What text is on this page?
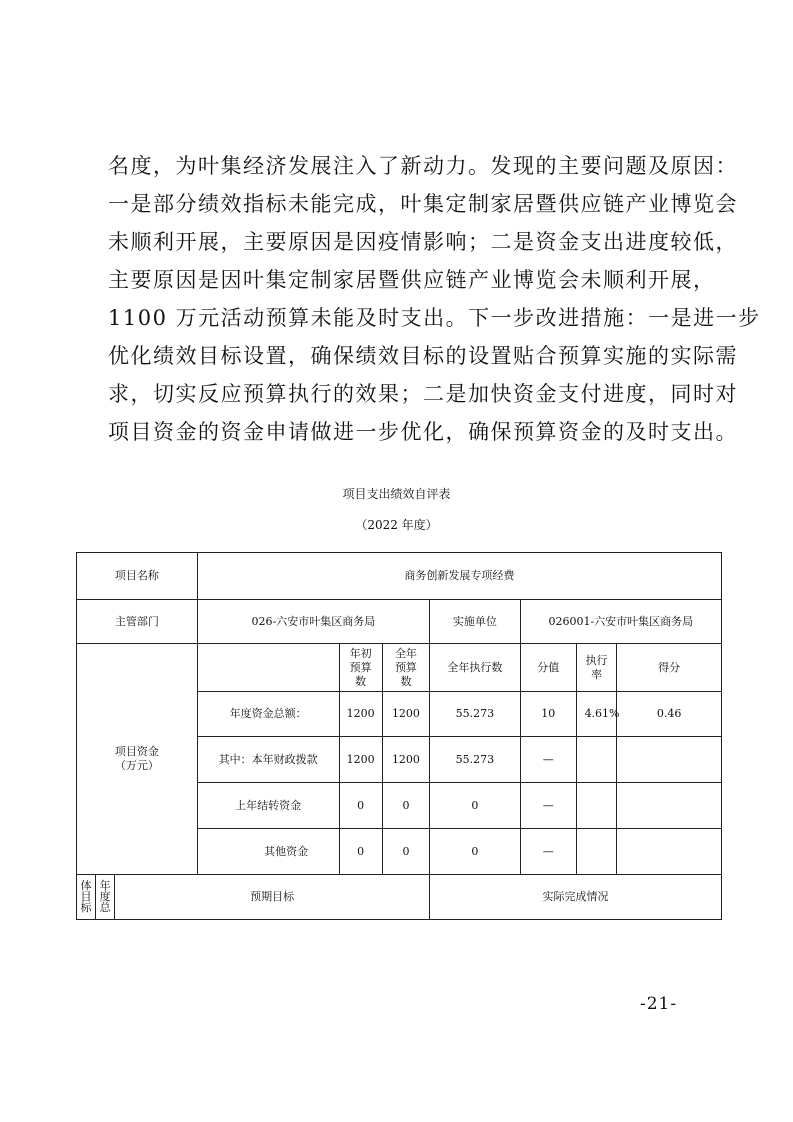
名度，为叶集经济发展注入了新动力。发现的主要问题及原因：
一是部分绩效指标未能完成，叶集定制家居暨供应链产业博览会
未顺利开展，主要原因是因疫情影响；二是资金支出进度较低，
主要原因是因叶集定制家居暨供应链产业博览会未顺利开展，
1100 万元活动预算未能及时支出。下一步改进措施：一是进一步
优化绩效目标设置，确保绩效目标的设置贴合预算实施的实际需
求，切实反应预算执行的效果；二是加快资金支付进度，同时对
项目资金的资金申请做进一步优化，确保预算资金的及时支出。
项目支出绩效自评表
（2022 年度）
项目名称			商务创新发展专项经费						
主管部门			026-六安市叶集区商务局			实施单位	026001-六安市叶集区商务局		

项目资金
（万元）				年初预算数	全年预算数	全年执行数	分值	执行率	得分
			年度资金总额：	1200	1200	55.273	10	4.61%	0.46
			其中：本年财政拨款	1200	1200	55.273	—		
			上年结转资金	0	0	0	—		
			其他资金	0	0	0	—		
体目标	年度总	预期目标				实际完成情况			
-21-
